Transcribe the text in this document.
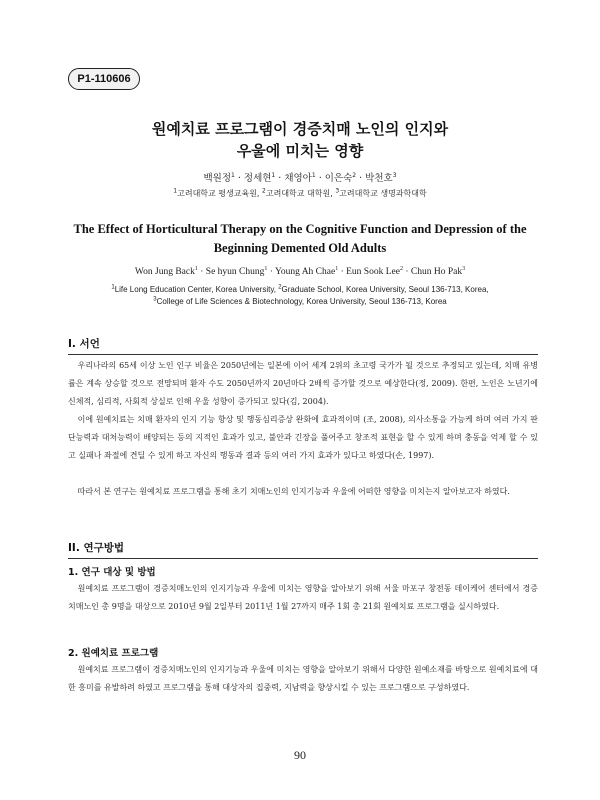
P1-110606
원예치료 프로그램이 경증치매 노인의 인지와
우울에 미치는 영향
백원정$^1$ · 정세현$^1$ · 채영아$^1$ · 이은숙$^2$ · 박천호$^3$
$^1$고려대학교 평생교육원, $^2$고려대학교 대학원, $^3$고려대학교 생명과학대학
The Effect of Horticultural Therapy on the Cognitive Function and Depression of the
Beginning Demented Old Adults
Won Jung Back$^1$ · Se hyun Chung$^1$ · Young Ah Chae$^1$ · Eun Sook Lee$^2$ · Chun Ho Pak$^3$
$^1$Life Long Education Center, Korea University, $^2$Graduate School, Korea University, Seoul 136-713, Korea,
$^3$College of Life Sciences & Biotechnology, Korea University, Seoul 136-713, Korea
I. 서언

우리나라의 65세 이상 노인 인구 비율은 2050년에는 일본에 이어 세계 2위의 초고령 국가가 될 것으로 추정되고 있는데, 치매 유병률은 계속 상승할 것으로 전망되며 환자 수도 2050년까지 20년마다 2배씩 증가할 것으로 예상한다(정, 2009). 한편, 노인은 노년기에 신체적, 심리적, 사회적 상실로 인해 우울 성향이 증가되고 있다(김, 2004).

이에 원예치료는 치매 환자의 인지 기능 향상 및 행동심리증상 완화에 효과적이며 (조, 2008), 의사소통을 가능케 하며 여러 가지 판단능력과 대처능력이 배양되는 등의 지적인 효과가 있고, 불안과 긴장을 풀어주고 창조적 표현을 할 수 있게 하며 충동을 억제 할 수 있고 실패나 좌절에 견딜 수 있게 하고 자신의 행동과 결과 등의 여러 가지 효과가 있다고 하였다(손, 1997).

따라서 본 연구는 원예치료 프로그램을 통해 초기 치매노인의 인지기능과 우울에 어떠한 영향을 미치는지 알아보고자 하였다.

II. 연구방법
1. 연구 대상 및 방법

원예치료 프로그램이 경증치매노인의 인지기능과 우울에 미치는 영향을 알아보기 위해 서울 마포구 창전동 데이케어 센터에서 경증치매노인 총 9명을 대상으로 2010년 9월 2일부터 2011년 1월 27까지 매주 1회 총 21회 원예치료 프로그램을 실시하였다.

2. 원예치료 프로그램

원예치료 프로그램이 경증치매노인의 인지기능과 우울에 미치는 영향을 알아보기 위해서 다양한 원예소재를 바탕으로 원예치료에 대한 흥미를 유발하려 하였고 프로그램을 통해 대상자의 집중력, 지남력을 향상시킬 수 있는 프로그램으로 구성하였다.

90
